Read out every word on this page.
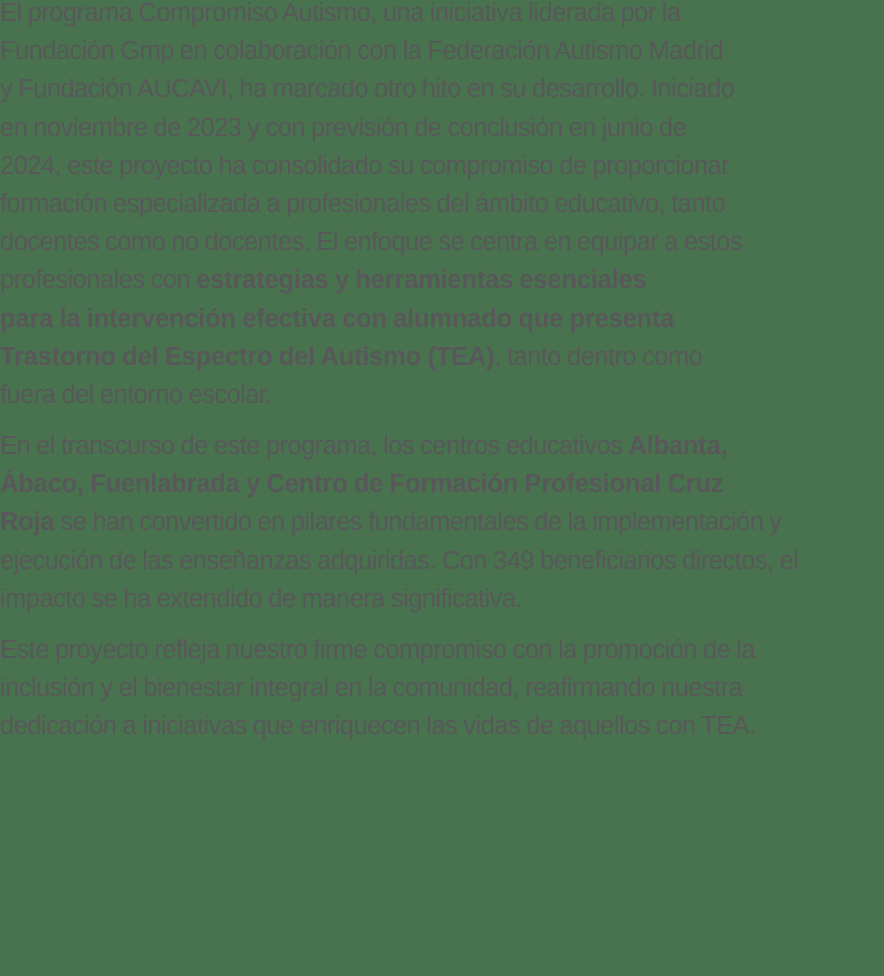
El programa Compromiso Autismo, una iniciativa liderada por la
Fundación Gmp en colaboración con la Federación Autismo Madrid
y Fundación AUCAVI, ha marcado otro hito en su desarrollo. Iniciado
en noviembre de 2023 y con previsión de conclusión en junio de
2024, este proyecto ha consolidado su compromiso de proporcionar
formación especializada a profesionales del ámbito educativo, tanto
docentes como no docentes. El enfoque se centra en equipar a estos
profesionales con estrategias y herramientas esenciales
para la intervención efectiva con alumnado que presenta
Trastorno del Espectro del Autismo (TEA), tanto dentro como
fuera del entorno escolar.

En el transcurso de este programa, los centros educativos Albanta,
Ábaco, Fuenlabrada y Centro de Formación Profesional Cruz
Roja se han convertido en pilares fundamentales de la implementación y
ejecución de las enseñanzas adquiridas. Con 349 beneficiarios directos, el
impacto se ha extendido de manera significativa.

Este proyecto refleja nuestro firme compromiso con la promoción de la
inclusión y el bienestar integral en la comunidad, reafirmando nuestra
dedicación a iniciativas que enriquecen las vidas de aquellos con TEA.
